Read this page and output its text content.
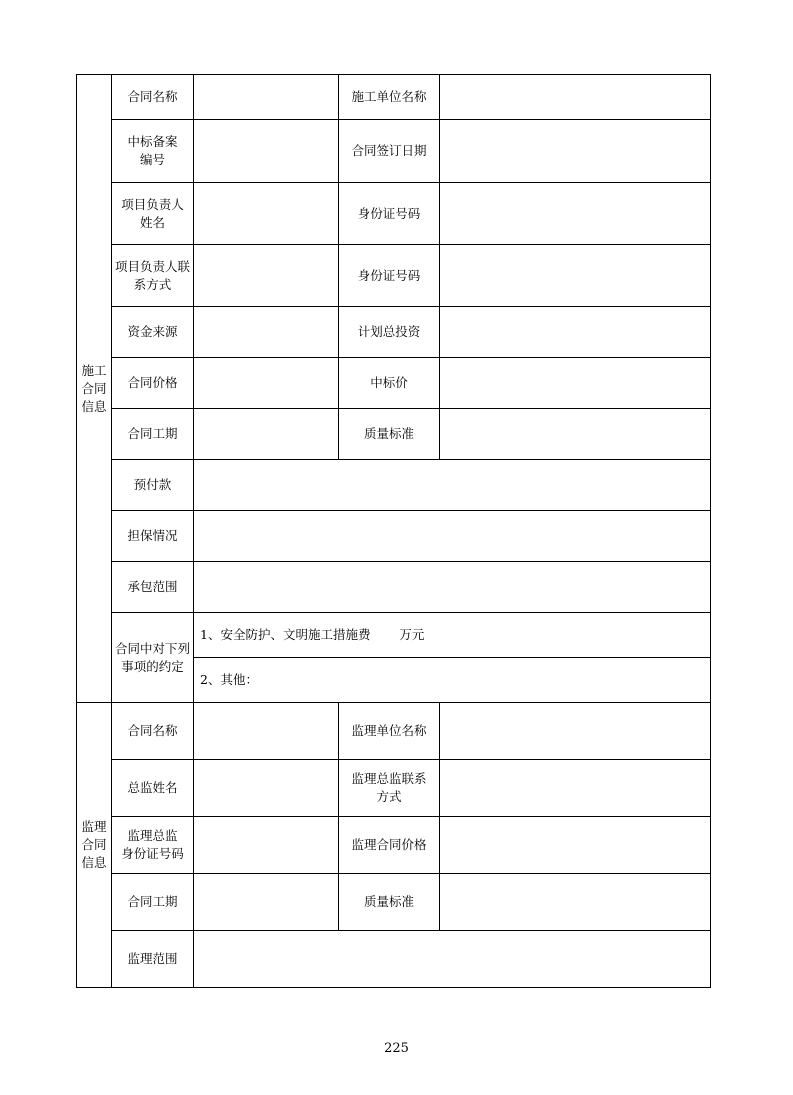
施工
合同
信息	合同名称		施工单位名称	
	中标备案
编号		合同签订日期	
	项目负责人
姓名		身份证号码	
	项目负责人联
系方式		身份证号码	
	资金来源		计划总投资	
	合同价格		中标价	
	合同工期		质量标准	
	预付款			
	担保情况			
	承包范围			
	合同中对下列
事项的约定	1、安全防护、文明施工措施费　　 万元		
		2、其他：		
监理
合同
信息	合同名称		监理单位名称	
	总监姓名		监理总监联系
方式	
	监理总监
身份证号码		监理合同价格	
	合同工期		质量标准	
	监理范围			
225
